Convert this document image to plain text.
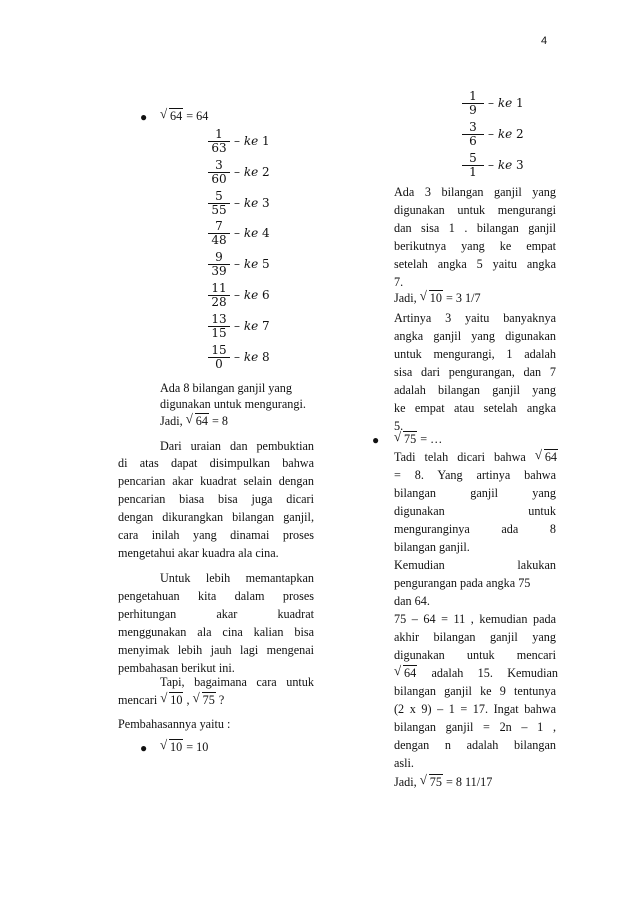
4
●	√ 64 = 64
1
63 – ke 1
3
60 – ke 2
5
55 – ke 3
7
48 – ke 4
9
39 – ke 5
11
28 – ke 6
13
15 – ke 7
15
0 – ke 8
Ada 8 bilangan ganjil yang
digunakan untuk mengurangi.
Jadi, √ 64 = 8
Dari uraian dan pembuktian
di atas dapat disimpulkan bahwa
pencarian akar kuadrat selain dengan
pencarian biasa bisa juga dicari
dengan dikurangkan bilangan ganjil,
cara inilah yang dinamai proses
mengetahui akar kuadra ala cina.
Untuk lebih memantapkan
pengetahuan kita dalam proses
perhitungan akar kuadrat
menggunakan ala cina kalian bisa
menyimak lebih jauh lagi mengenai
pembahasan berikut ini.
Tapi, bagaimana cara untuk
mencari √ 10 , √ 75 ?
Pembahasannya yaitu :
●	√ 10 = 10
1
9 – ke 1
3
6 – ke 2
5
1 – ke 3
Ada 3 bilangan ganjil yang
digunakan untuk mengurangi
dan sisa 1 . bilangan ganjil
berikutnya yang ke empat
setelah angka 5 yaitu angka
7.
Jadi, √ 10 = 3 1/7
Artinya 3 yaitu banyaknya
angka ganjil yang digunakan
untuk mengurangi, 1 adalah
sisa dari pengurangan, dan 7
adalah bilangan ganjil yang
ke empat atau setelah angka
5.
●	√ 75 = …
Tadi telah dicari bahwa √ 64
= 8. Yang artinya bahwa
bilangan ganjil yang
digunakan untuk
menguranginya ada 8
bilangan ganjil.
Kemudian lakukan
pengurangan pada angka 75
dan 64.
75 – 64 = 11 , kemudian pada
akhir bilangan ganjil yang
digunakan untuk mencari
√ 64 adalah 15. Kemudian
bilangan ganjil ke 9 tentunya
(2 x 9) – 1 = 17. Ingat bahwa
bilangan ganjil = 2n – 1 ,
dengan n adalah bilangan
asli.
Jadi, √ 75 = 8 11/17
